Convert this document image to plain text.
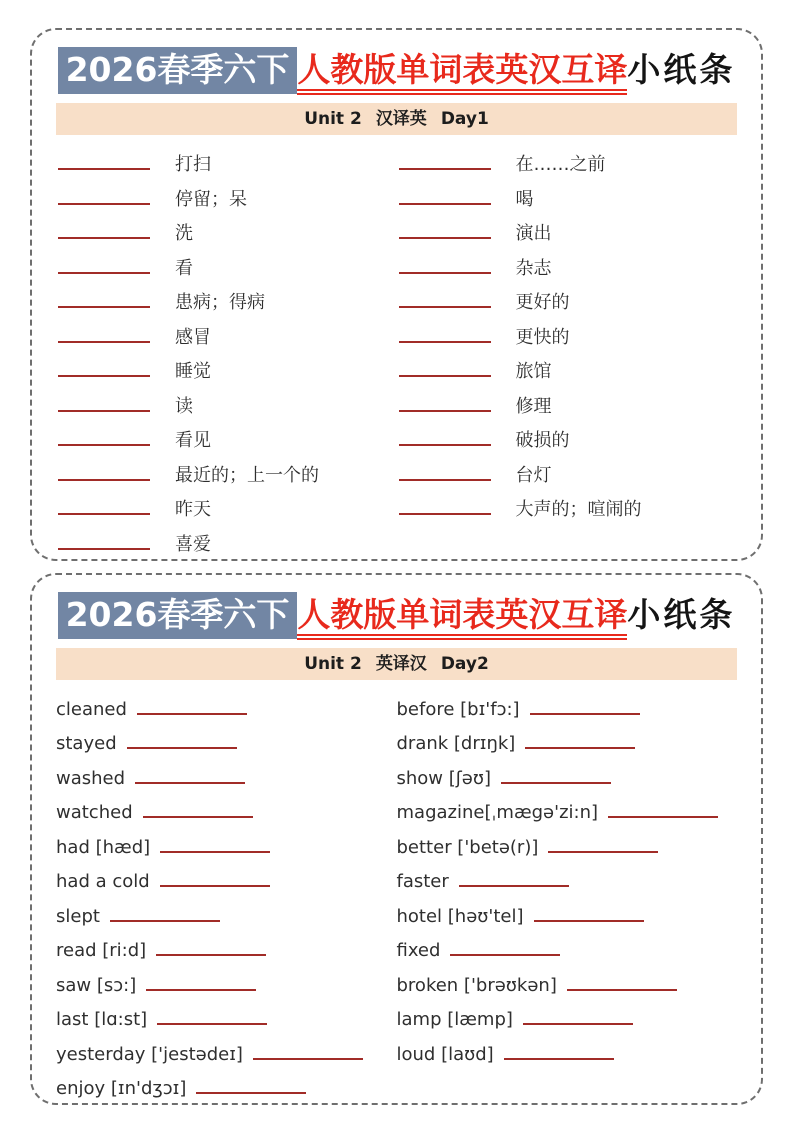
2026春季六下 人教版单词表英汉互译小纸条
Unit 2 汉译英 Day1
打扫
停留；呆
洗
看
患病；得病
感冒
睡觉
读
看见
最近的；上一个的
昨天
喜爱
在……之前
喝
演出
杂志
更好的
更快的
旅馆
修理
破损的
台灯
大声的；喧闹的
2026春季六下 人教版单词表英汉互译小纸条
Unit 2 英译汉 Day2
cleaned
stayed
washed
watched
had [hæd]
had a cold
slept
read [ri:d]
saw [sɔ:]
last [lɑ:st]
yesterday ['jestədeɪ]
enjoy [ɪn'dʒɔɪ]
before [bɪ'fɔ:]
drank [drɪŋk]
show [ʃəʊ]
magazine[ˌmægə'zi:n]
better ['betə(r)]
faster
hotel [həʊ'tel]
fixed
broken ['brəʊkən]
lamp [læmp]
loud [laʊd]
